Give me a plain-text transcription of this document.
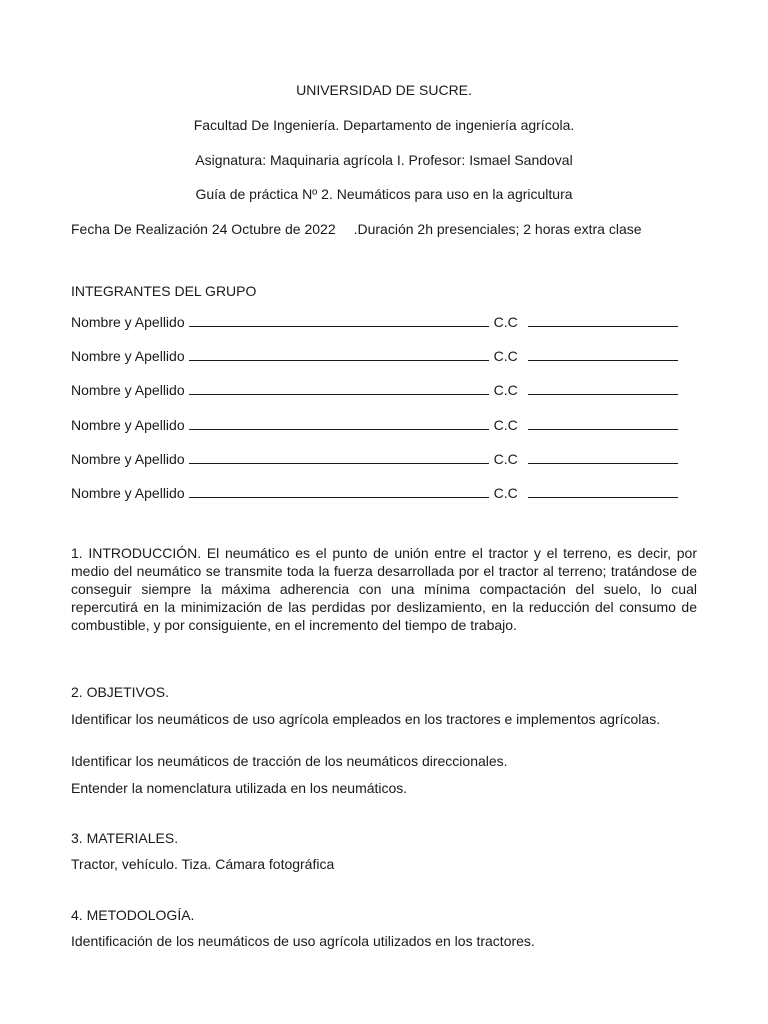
UNIVERSIDAD DE SUCRE.
Facultad De Ingeniería. Departamento de ingeniería agrícola.
Asignatura: Maquinaria agrícola I. Profesor: Ismael Sandoval
Guía de práctica Nº 2. Neumáticos para uso en la agricultura
Fecha De Realización 24 Octubre de 2022 .Duración 2h presenciales; 2 horas extra clase
INTEGRANTES DEL GRUPO
Nombre y Apellido	C.C
Nombre y Apellido	C.C
Nombre y Apellido	C.C
Nombre y Apellido	C.C
Nombre y Apellido	C.C
Nombre y Apellido	C.C
1. INTRODUCCIÓN. El neumático es el punto de unión entre el tractor y el terreno, es decir, por medio del neumático se transmite toda la fuerza desarrollada por el tractor al terreno; tratándose de conseguir siempre la máxima adherencia con una mínima compactación del suelo, lo cual repercutirá en la minimización de las perdidas por deslizamiento, en la reducción del consumo de combustible, y por consiguiente, en el incremento del tiempo de trabajo.
2. OBJETIVOS.
Identificar los neumáticos de uso agrícola empleados en los tractores e implementos agrícolas.
Identificar los neumáticos de tracción de los neumáticos direccionales.
Entender la nomenclatura utilizada en los neumáticos.
3. MATERIALES.
Tractor, vehículo. Tiza. Cámara fotográfica
4. METODOLOGÍA.
Identificación de los neumáticos de uso agrícola utilizados en los tractores.
